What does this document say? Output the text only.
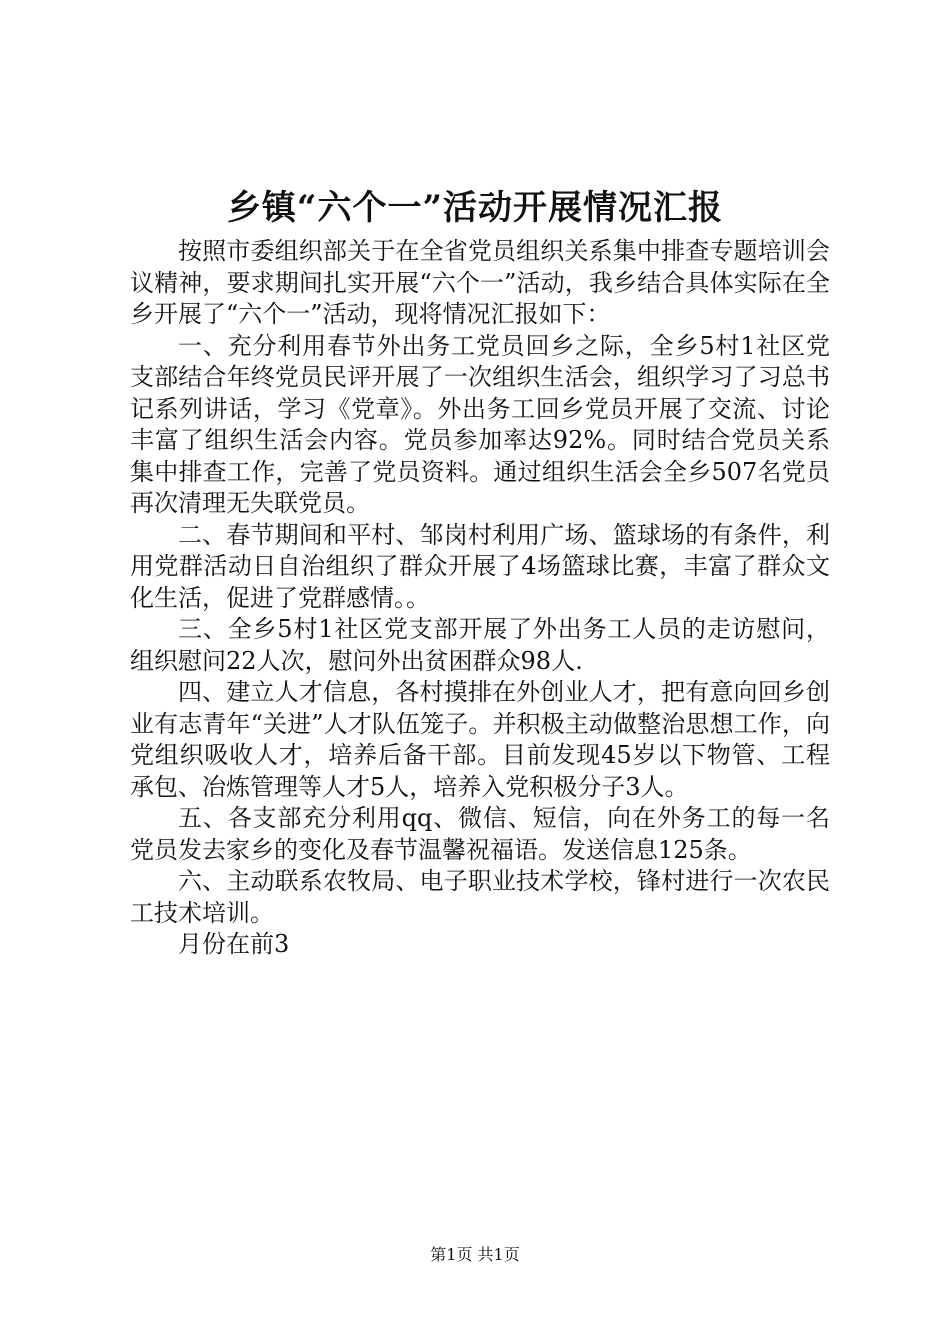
乡镇“六个一”活动开展情况汇报

按照市委组织部关于在全省党员组织关系集中排查专题培训会议精神，要求期间扎实开展“六个一”活动，我乡结合具体实际在全乡开展了“六个一”活动，现将情况汇报如下：

一、充分利用春节外出务工党员回乡之际，全乡5村1社区党支部结合年终党员民评开展了一次组织生活会，组织学习了习总书记系列讲话，学习《党章》。外出务工回乡党员开展了交流、讨论丰富了组织生活会内容。党员参加率达92%。同时结合党员关系集中排查工作，完善了党员资料。通过组织生活会全乡507名党员再次清理无失联党员。

二、春节期间和平村、邹岗村利用广场、篮球场的有条件，利用党群活动日自治组织了群众开展了4场篮球比赛，丰富了群众文化生活，促进了党群感情。。

三、全乡5村1社区党支部开展了外出务工人员的走访慰问，组织慰问22人次，慰问外出贫困群众98人.

四、建立人才信息，各村摸排在外创业人才，把有意向回乡创业有志青年“关进”人才队伍笼子。并积极主动做整治思想工作，向党组织吸收人才，培养后备干部。目前发现45岁以下物管、工程承包、冶炼管理等人才5人，培养入党积极分子3人。

五、各支部充分利用qq、微信、短信，向在外务工的每一名党员发去家乡的变化及春节温馨祝福语。发送信息125条。

六、主动联系农牧局、电子职业技术学校，锋村进行一次农民工技术培训。

月份在前3

第1页 共1页
